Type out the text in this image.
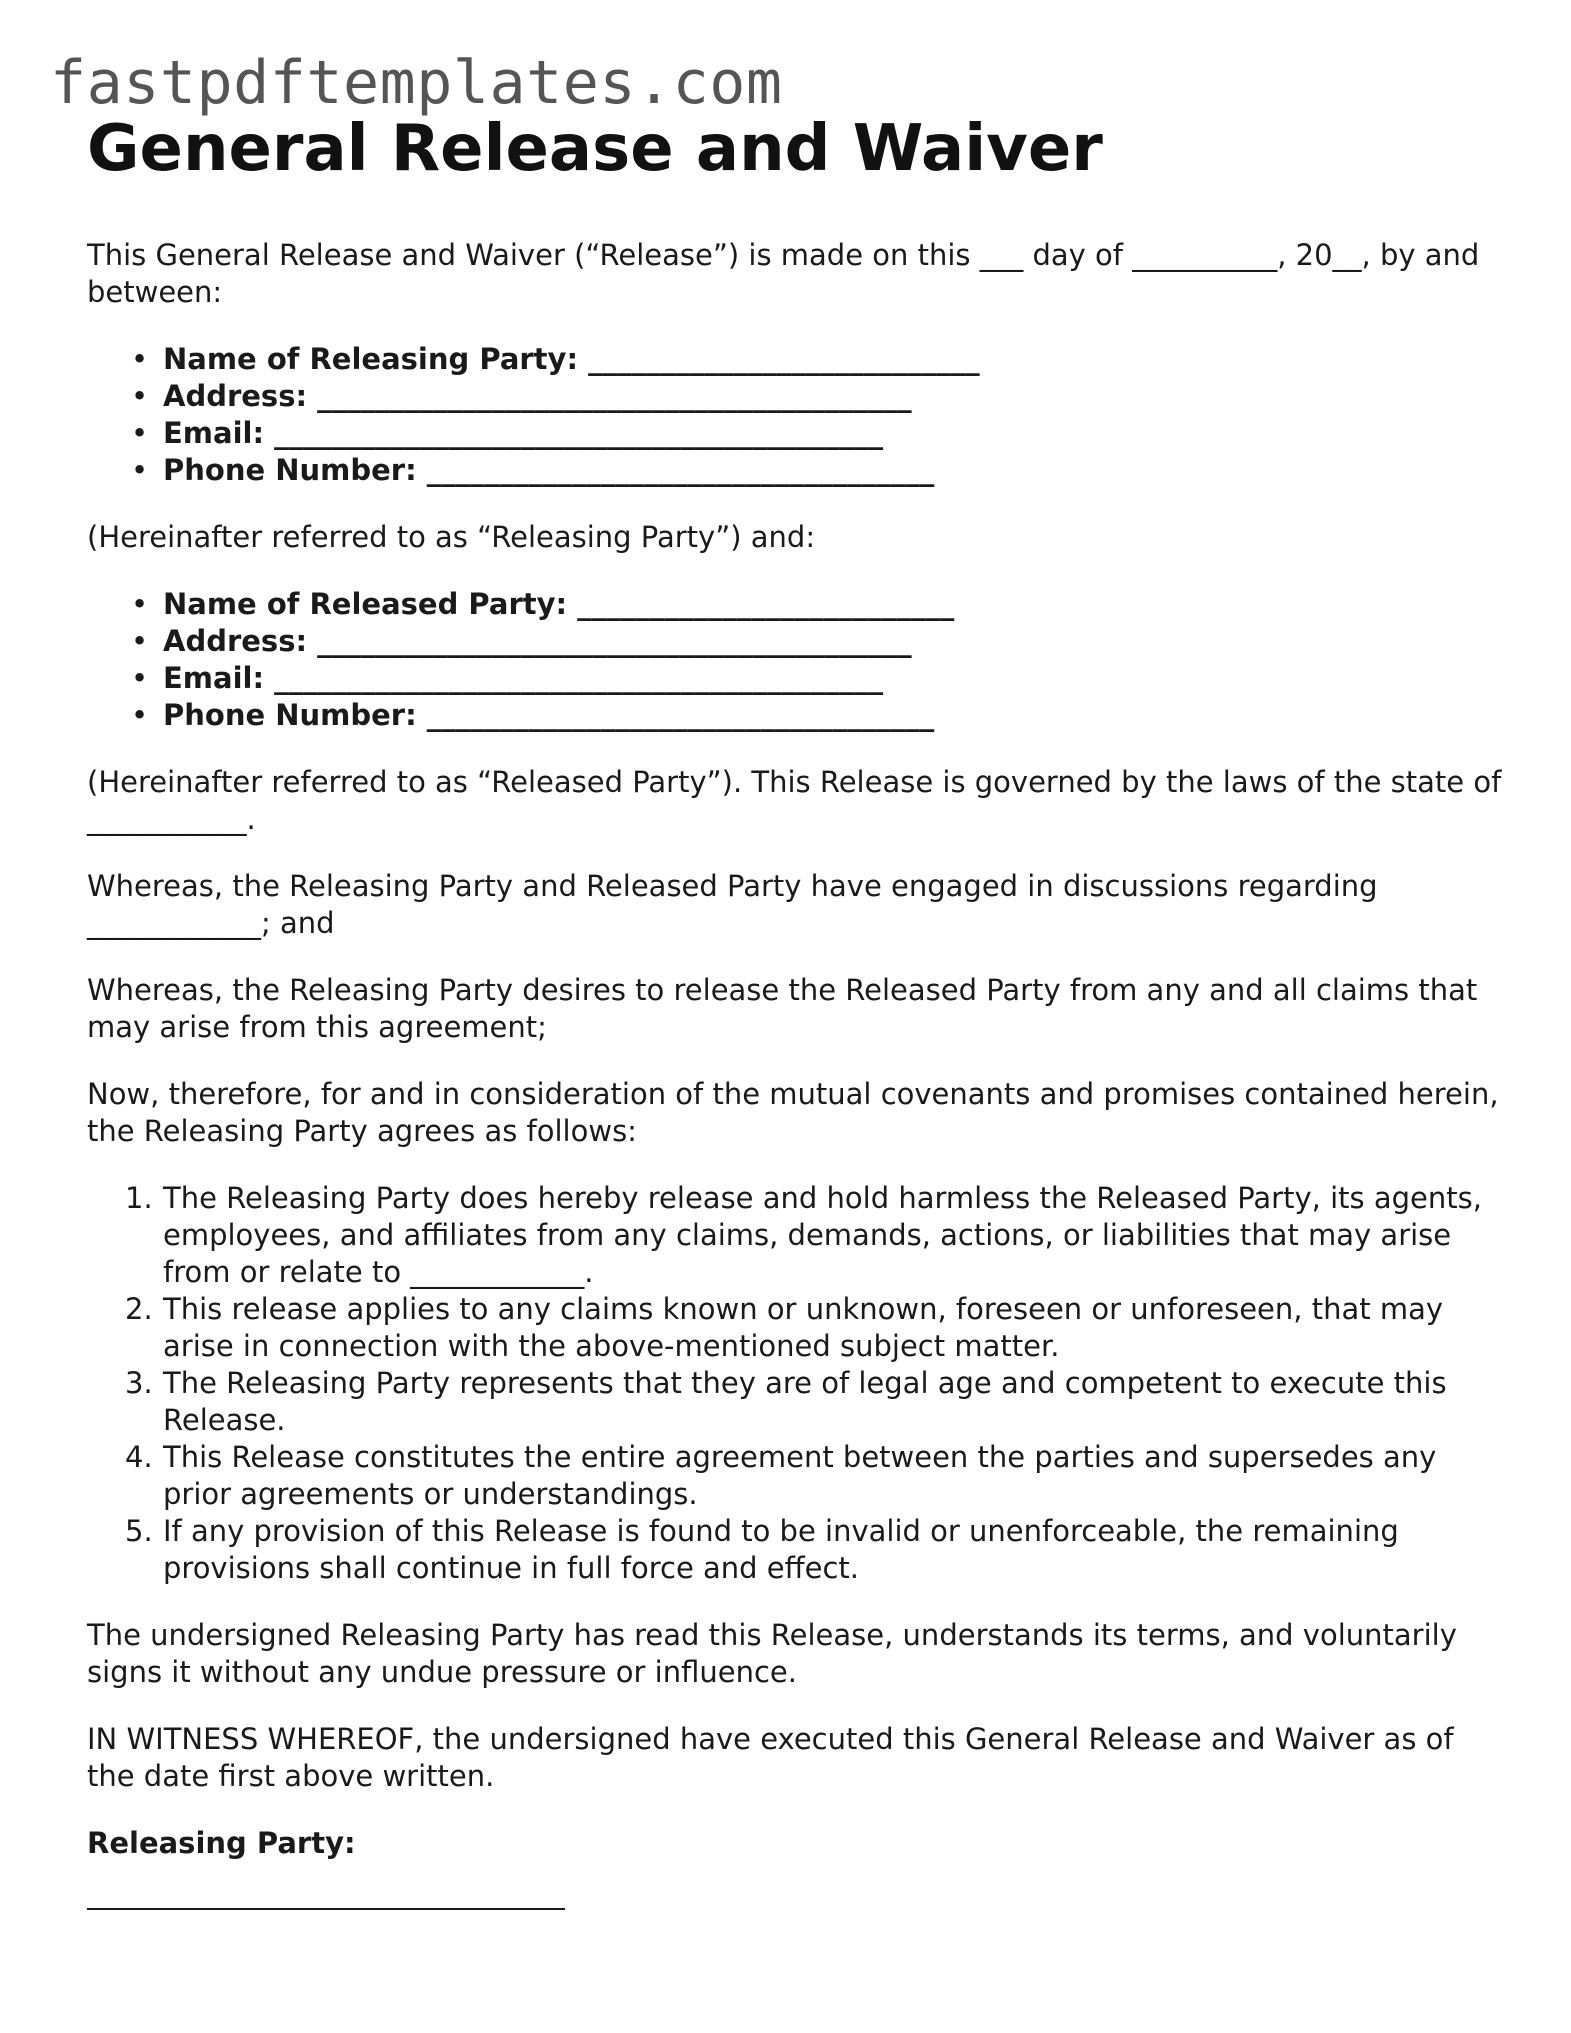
fastpdftemplates.com
General Release and Waiver

This General Release and Waiver (“Release”) is made on this ___ day of __________, 20__, by and between:

• Name of Releasing Party: ___________________________
• Address: _________________________________________
• Email: __________________________________________
• Phone Number: ___________________________________

(Hereinafter referred to as “Releasing Party”) and:

• Name of Released Party: __________________________
• Address: _________________________________________
• Email: __________________________________________
• Phone Number: ___________________________________

(Hereinafter referred to as “Released Party”). This Release is governed by the laws of the state of ___________.

Whereas, the Releasing Party and Released Party have engaged in discussions regarding ____________; and

Whereas, the Releasing Party desires to release the Released Party from any and all claims that may arise from this agreement;

Now, therefore, for and in consideration of the mutual covenants and promises contained herein, the Releasing Party agrees as follows:

1. The Releasing Party does hereby release and hold harmless the Released Party, its agents, employees, and affiliates from any claims, demands, actions, or liabilities that may arise from or relate to ____________.
2. This release applies to any claims known or unknown, foreseen or unforeseen, that may arise in connection with the above-mentioned subject matter.
3. The Releasing Party represents that they are of legal age and competent to execute this Release.
4. This Release constitutes the entire agreement between the parties and supersedes any prior agreements or understandings.
5. If any provision of this Release is found to be invalid or unenforceable, the remaining provisions shall continue in full force and effect.

The undersigned Releasing Party has read this Release, understands its terms, and voluntarily signs it without any undue pressure or influence.

IN WITNESS WHEREOF, the undersigned have executed this General Release and Waiver as of the date first above written.

Releasing Party:
